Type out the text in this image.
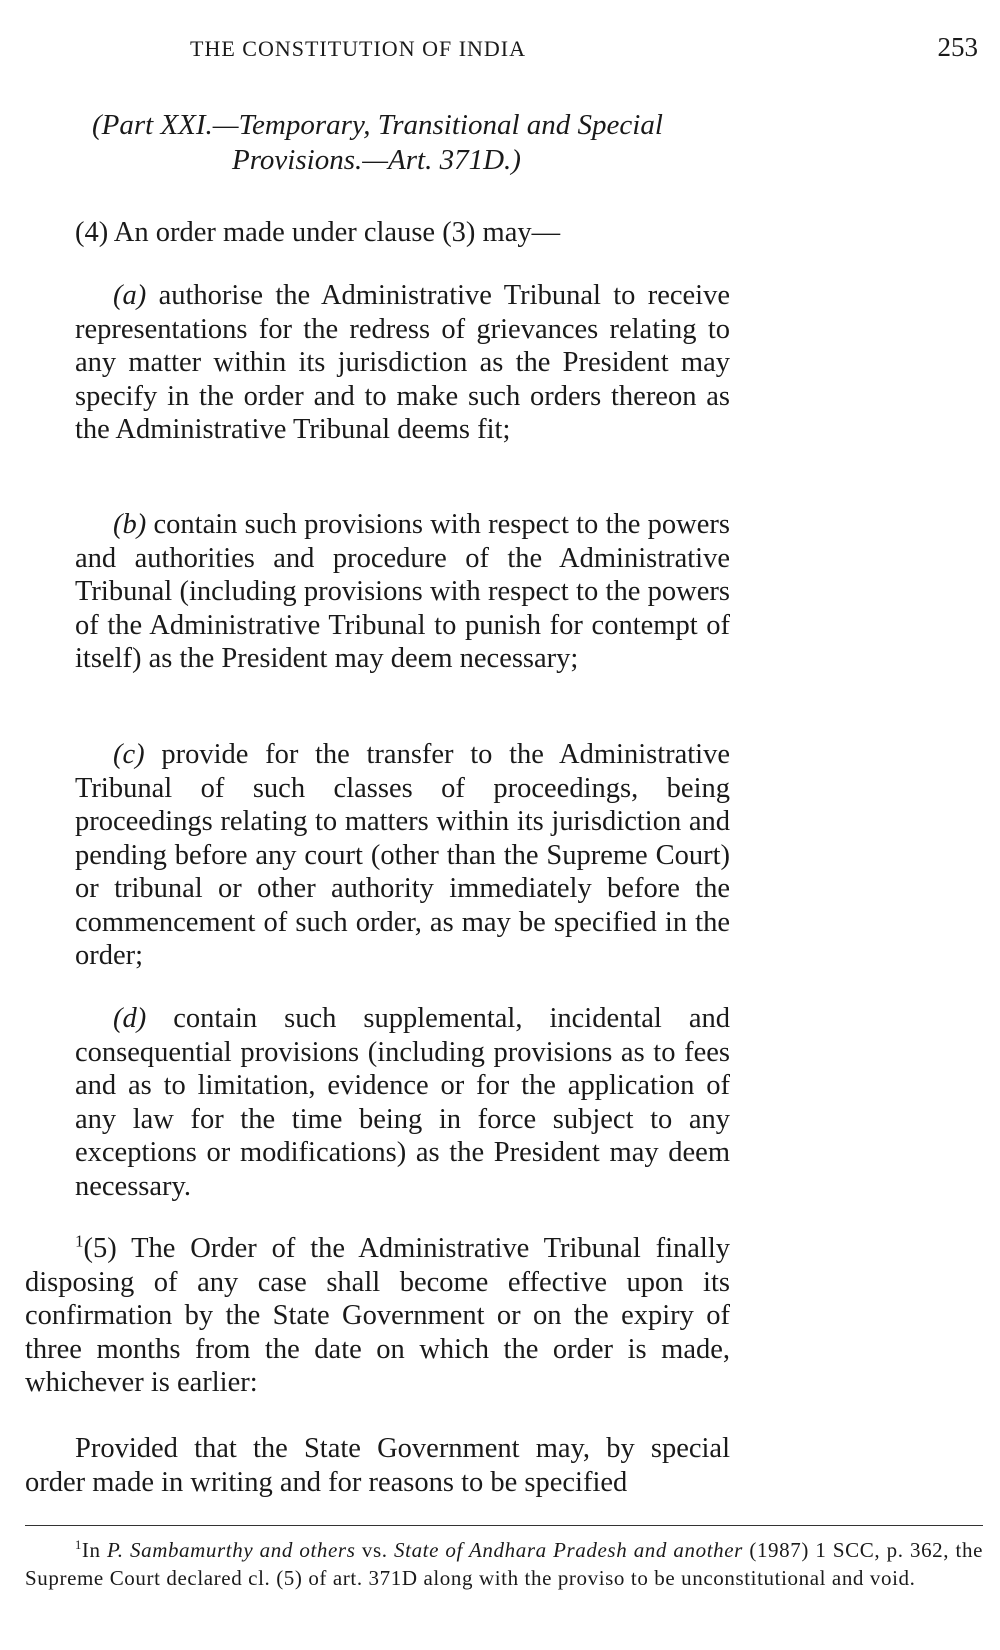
THE CONSTITUTION OF INDIA	253
(Part XXI.—Temporary, Transitional and Special
Provisions.—Art. 371D.)
(4) An order made under clause (3) may—
(a) authorise the Administrative Tribunal to receive representations for the redress of grievances relating to any matter within its jurisdiction as the President may specify in the order and to make such orders thereon as the Administrative Tribunal deems fit;
(b) contain such provisions with respect to the powers and authorities and procedure of the Administrative Tribunal (including provisions with respect to the powers of the Administrative Tribunal to punish for contempt of itself) as the President may deem necessary;
(c) provide for the transfer to the Administrative Tribunal of such classes of proceedings, being proceedings relating to matters within its jurisdiction and pending before any court (other than the Supreme Court) or tribunal or other authority immediately before the commencement of such order, as may be specified in the order;
(d) contain such supplemental, incidental and consequential provisions (including provisions as to fees and as to limitation, evidence or for the application of any law for the time being in force subject to any exceptions or modifications) as the President may deem necessary.
$^1$(5) The Order of the Administrative Tribunal finally disposing of any case shall become effective upon its confirmation by the State Government or on the expiry of three months from the date on which the order is made, whichever is earlier:
Provided that the State Government may, by special order made in writing and for reasons to be specified
$^1$In P. Sambamurthy and others vs. State of Andhara Pradesh and another (1987) 1 SCC, p. 362, the Supreme Court declared cl. (5) of art. 371D along with the proviso to be unconstitutional and void.
